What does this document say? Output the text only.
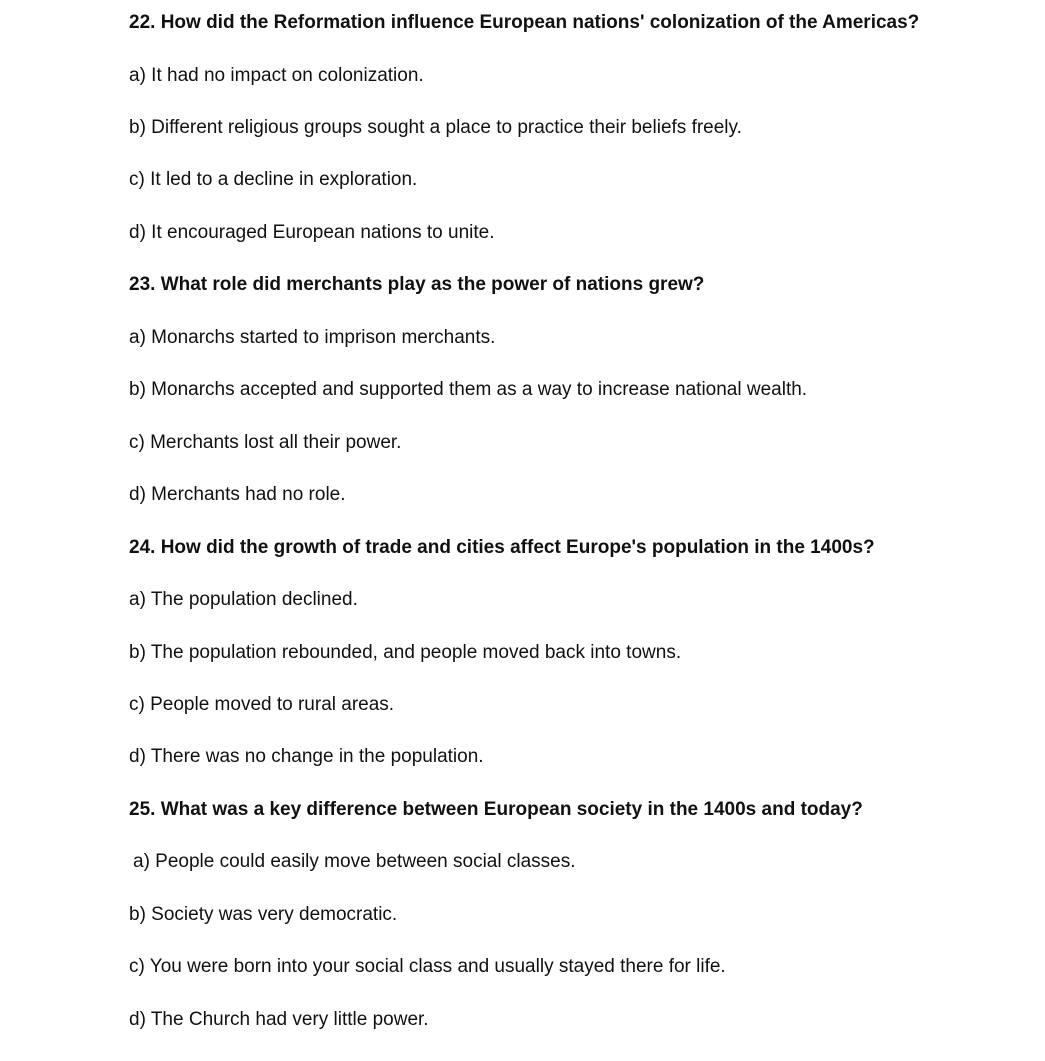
22. How did the Reformation influence European nations' colonization of the Americas?
a) It had no impact on colonization.
b) Different religious groups sought a place to practice their beliefs freely.
c) It led to a decline in exploration.
d) It encouraged European nations to unite.
23. What role did merchants play as the power of nations grew?
a) Monarchs started to imprison merchants.
b) Monarchs accepted and supported them as a way to increase national wealth.
c) Merchants lost all their power.
d) Merchants had no role.
24. How did the growth of trade and cities affect Europe's population in the 1400s?
a) The population declined.
b) The population rebounded, and people moved back into towns.
c) People moved to rural areas.
d) There was no change in the population.
25. What was a key difference between European society in the 1400s and today?
a) People could easily move between social classes.
b) Society was very democratic.
c) You were born into your social class and usually stayed there for life.
d) The Church had very little power.
